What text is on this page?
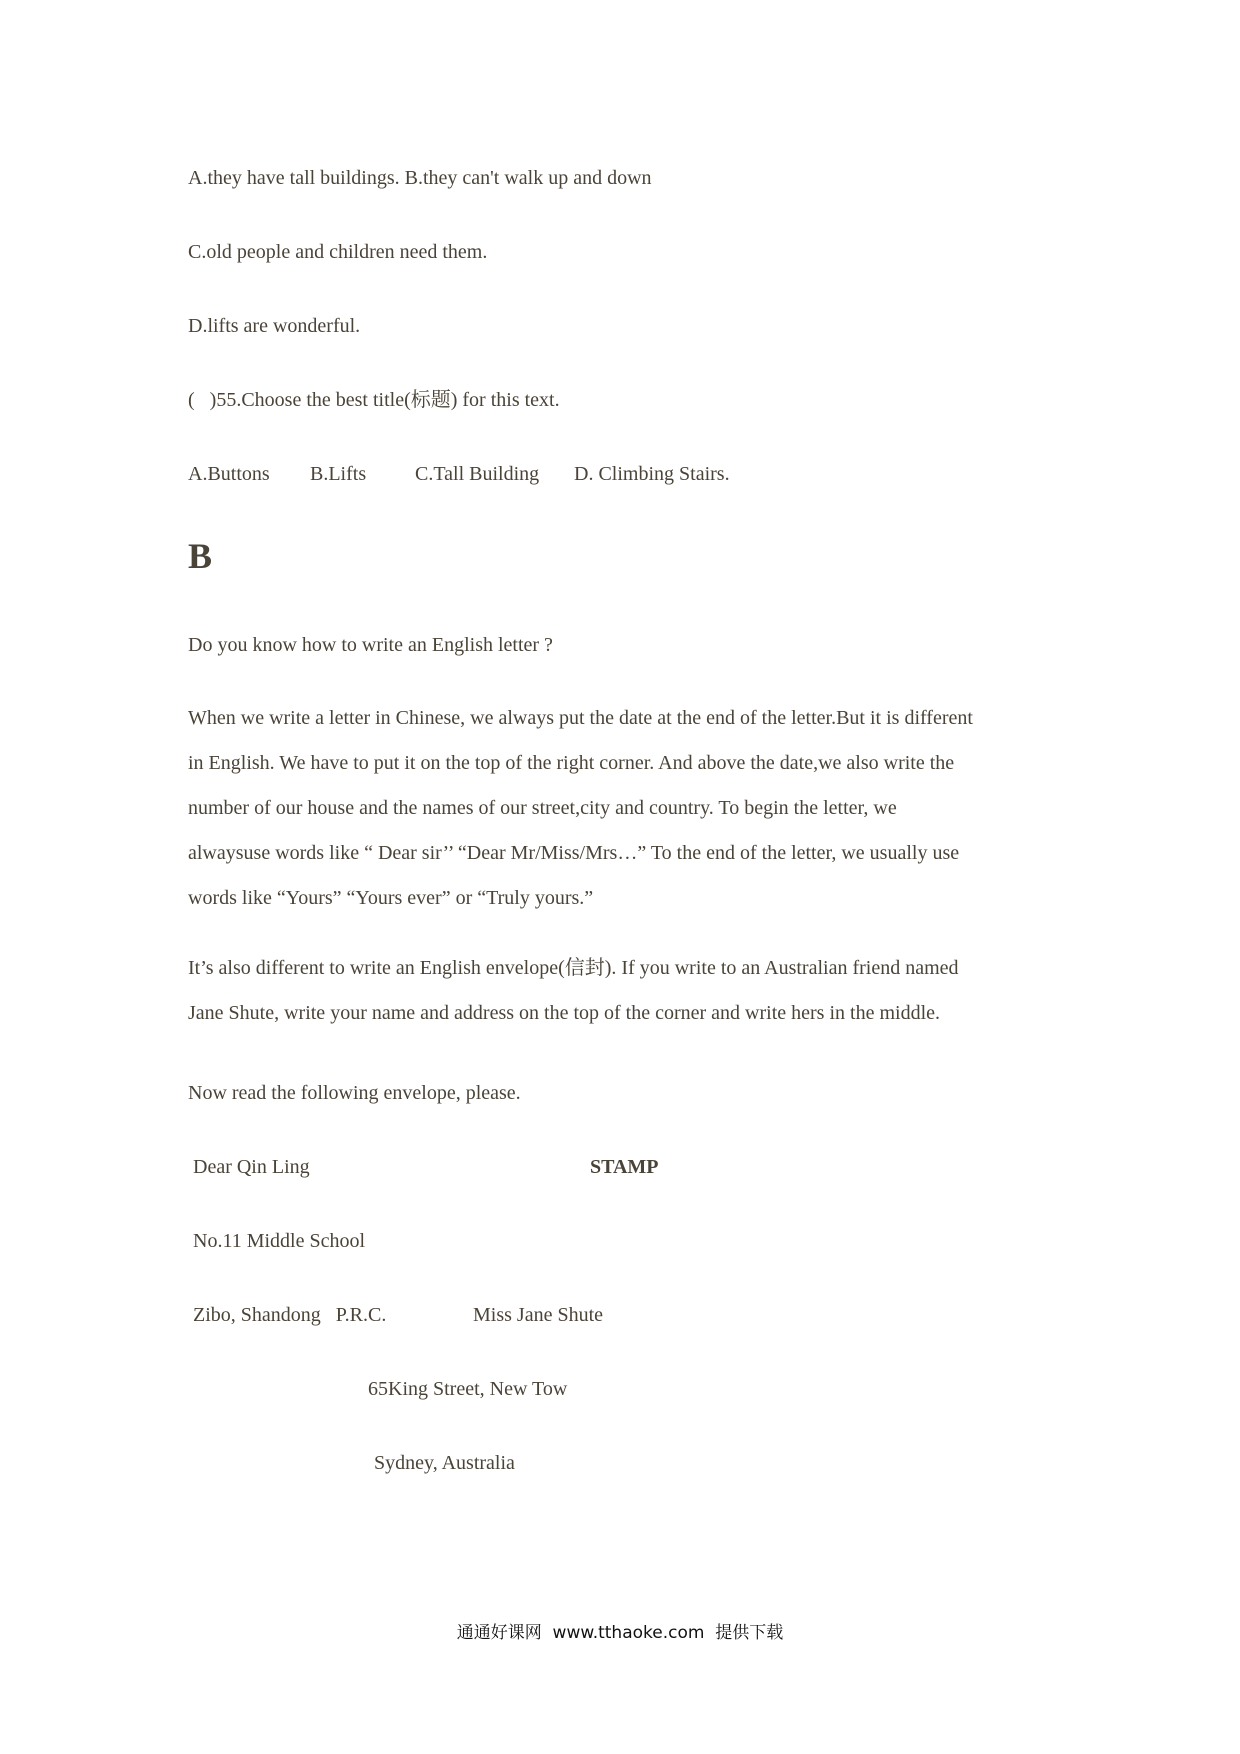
A.they have tall buildings. B.they can't walk up and down
C.old people and children need them.
D.lifts are wonderful.
(   )55.Choose the best title(标题) for this text.
A.Buttons B.Lifts C.Tall Building D. Climbing Stairs.
B
Do you know how to write an English letter ?
When we write a letter in Chinese, we always put the date at the end of the letter.But it is different
in English. We have to put it on the top of the right corner. And above the date,we also write the
number of our house and the names of our street,city and country. To begin the letter, we
alwaysuse words like “ Dear sir’’ “Dear Mr/Miss/Mrs…” To the end of the letter, we usually use
words like “Yours” “Yours ever” or “Truly yours.”
It’s also different to write an English envelope(信封). If you write to an Australian friend named
Jane Shute, write your name and address on the top of the corner and write hers in the middle.
Now read the following envelope, please.
Dear Qin Ling	STAMP
No.11 Middle School
Zibo, Shandong   P.R.C.	Miss Jane Shute
65King Street, New Tow
Sydney, Australia
通通好课网  www.tthaoke.com  提供下载
